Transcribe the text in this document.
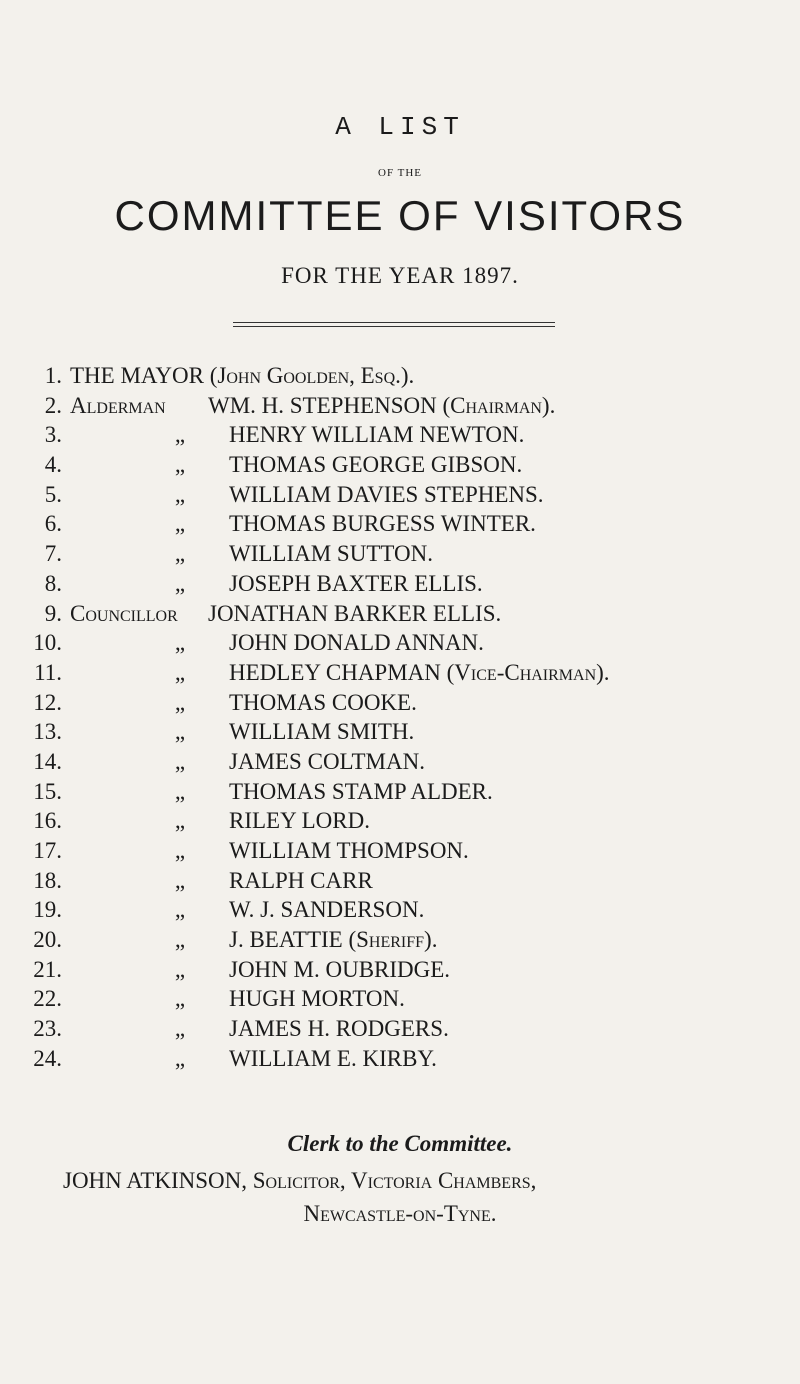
A LIST
OF THE
COMMITTEE OF VISITORS
FOR THE YEAR 1897.
1. THE MAYOR (John Goolden, Esq.).
2. Alderman WM. H. STEPHENSON (Chairman).
3.	„	HENRY WILLIAM NEWTON.
4.	„	THOMAS GEORGE GIBSON.
5.	„	WILLIAM DAVIES STEPHENS.
6.	„	THOMAS BURGESS WINTER.
7.	„	WILLIAM SUTTON.
8.	„	JOSEPH BAXTER ELLIS.
9. Councillor JONATHAN BARKER ELLIS.
10.	„	JOHN DONALD ANNAN.
11.	„	HEDLEY CHAPMAN (Vice-Chairman).
12.	„	THOMAS COOKE.
13.	„	WILLIAM SMITH.
14.	„	JAMES COLTMAN.
15.	„	THOMAS STAMP ALDER.
16.	„	RILEY LORD.
17.	„	WILLIAM THOMPSON.
18.	„	RALPH CARR
19.	„	W. J. SANDERSON.
20.	„	J. BEATTIE (Sheriff).
21.	„	JOHN M. OUBRIDGE.
22.	„	HUGH MORTON.
23.	„	JAMES H. RODGERS.
24.	„	WILLIAM E. KIRBY.
Clerk to the Committee.
JOHN ATKINSON, Solicitor, Victoria Chambers,
Newcastle-on-Tyne.
